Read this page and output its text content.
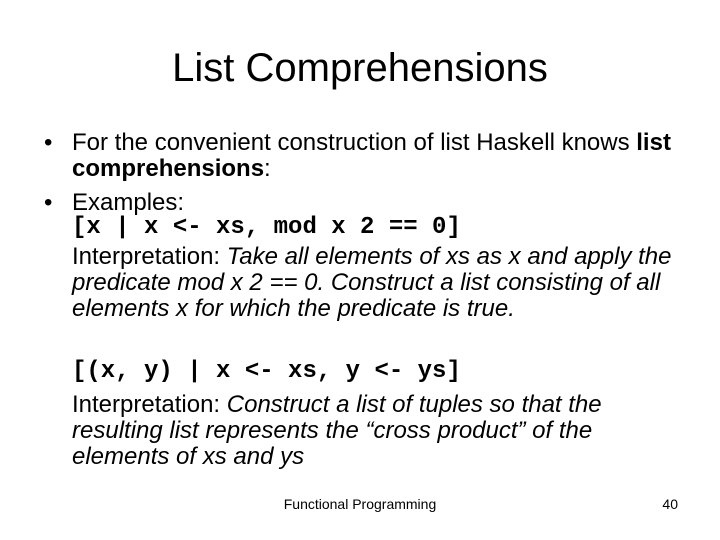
List Comprehensions
• For the convenient construction of list Haskell knows list comprehensions:
• Examples:
[x | x <- xs, mod x 2 == 0]
Interpretation: Take all elements of xs as x and apply the predicate mod x 2 == 0. Construct a list consisting of all elements x for which the predicate is true.
[(x, y) | x <- xs, y <- ys]
Interpretation: Construct a list of tuples so that the resulting list represents the “cross product” of the elements of xs and ys
Functional Programming	40
